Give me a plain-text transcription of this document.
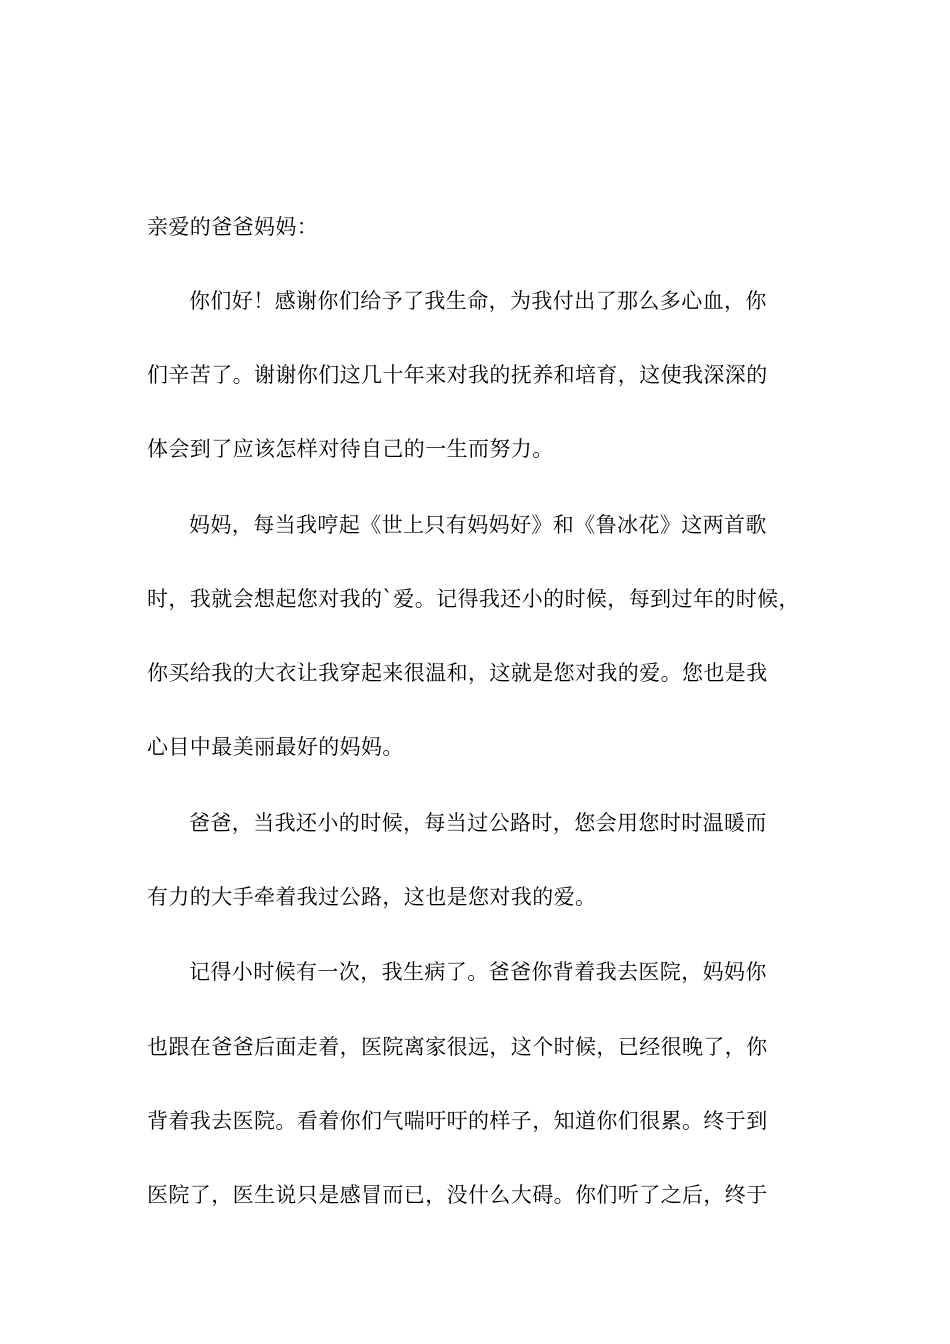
亲爱的爸爸妈妈：
你们好！感谢你们给予了我生命，为我付出了那么多心血，你
们辛苦了。谢谢你们这几十年来对我的抚养和培育，这使我深深的
体会到了应该怎样对待自己的一生而努力。
妈妈，每当我哼起《世上只有妈妈好》和《鲁冰花》这两首歌
时，我就会想起您对我的`爱。记得我还小的时候，每到过年的时候，
你买给我的大衣让我穿起来很温和，这就是您对我的爱。您也是我
心目中最美丽最好的妈妈。
爸爸，当我还小的时候，每当过公路时，您会用您时时温暖而
有力的大手牵着我过公路，这也是您对我的爱。
记得小时候有一次，我生病了。爸爸你背着我去医院，妈妈你
也跟在爸爸后面走着，医院离家很远，这个时候，已经很晚了，你
背着我去医院。看着你们气喘吁吁的样子，知道你们很累。终于到
医院了，医生说只是感冒而已，没什么大碍。你们听了之后，终于
